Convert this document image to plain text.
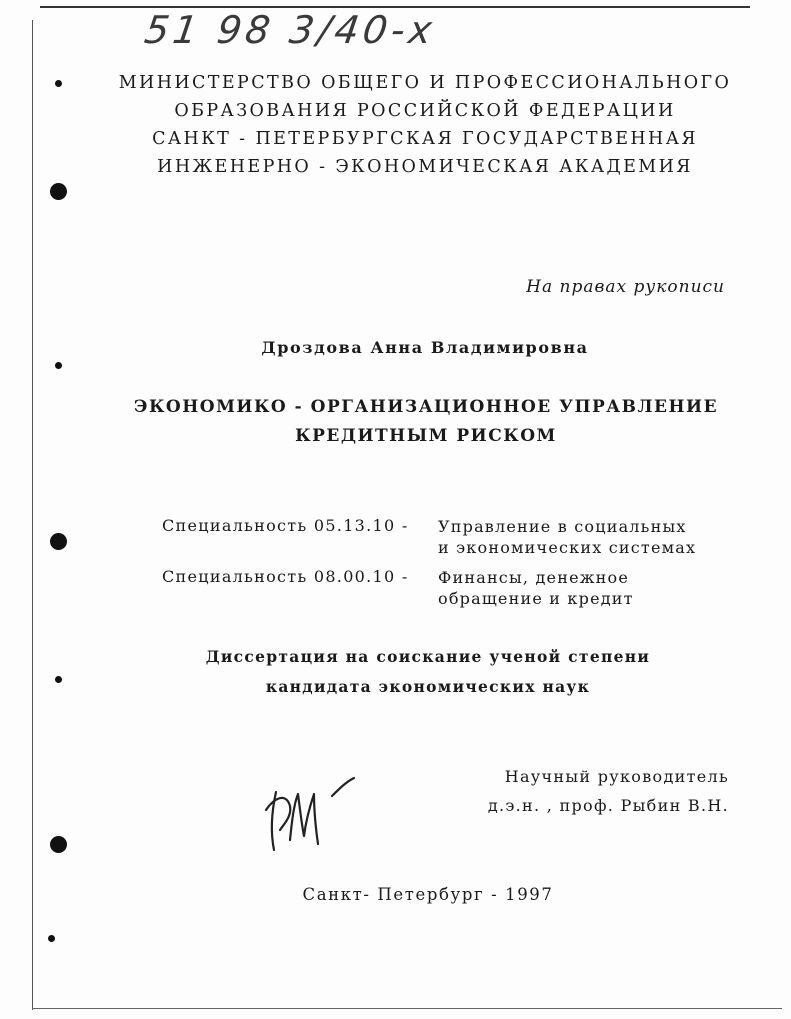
51 98 3/40-x
МИНИСТЕРСТВО ОБЩЕГО И ПРОФЕССИОНАЛЬНОГО
ОБРАЗОВАНИЯ РОССИЙСКОЙ ФЕДЕРАЦИИ
САНКТ - ПЕТЕРБУРГСКАЯ ГОСУДАРСТВЕННАЯ
ИНЖЕНЕРНО - ЭКОНОМИЧЕСКАЯ АКАДЕМИЯ
На правах рукописи
Дроздова Анна Владимировна
ЭКОНОМИКО - ОРГАНИЗАЦИОННОЕ УПРАВЛЕНИЕ
КРЕДИТНЫМ РИСКОМ
Специальность 05.13.10 - Управление в социальных
и экономических системах
Специальность 08.00.10 - Финансы, денежное
обращение и кредит
Диссертация на соискание ученой степени
кандидата экономических наук
Научный руководитель
д.э.н. , проф. Рыбин В.Н.
Санкт- Петербург - 1997
